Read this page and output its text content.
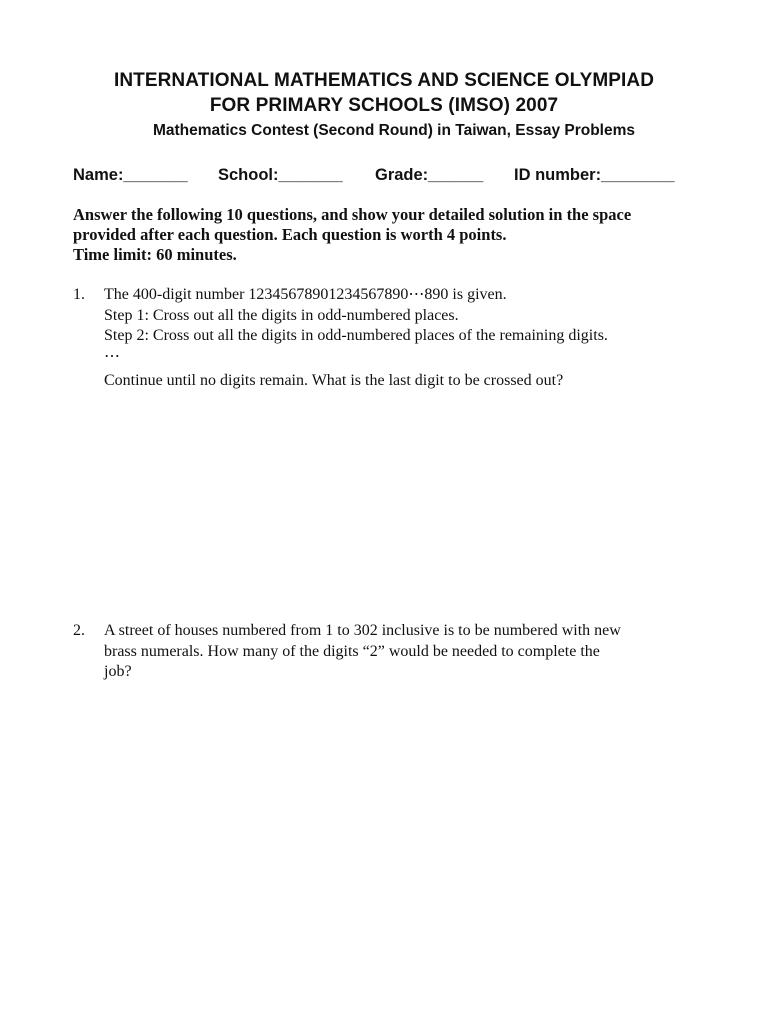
INTERNATIONAL MATHEMATICS AND SCIENCE OLYMPIAD
FOR PRIMARY SCHOOLS (IMSO) 2007
Mathematics Contest (Second Round) in Taiwan, Essay Problems
Name:_______ School:_______ Grade:______ ID number:________
Answer the following 10 questions, and show your detailed solution in the space
provided after each question. Each question is worth 4 points.
Time limit: 60 minutes.
1. The 400-digit number 12345678901234567890⋯890 is given.
Step 1: Cross out all the digits in odd-numbered places.
Step 2: Cross out all the digits in odd-numbered places of the remaining digits.
⋯
Continue until no digits remain. What is the last digit to be crossed out?
2. A street of houses numbered from 1 to 302 inclusive is to be numbered with new
brass numerals. How many of the digits “2” would be needed to complete the
job?
